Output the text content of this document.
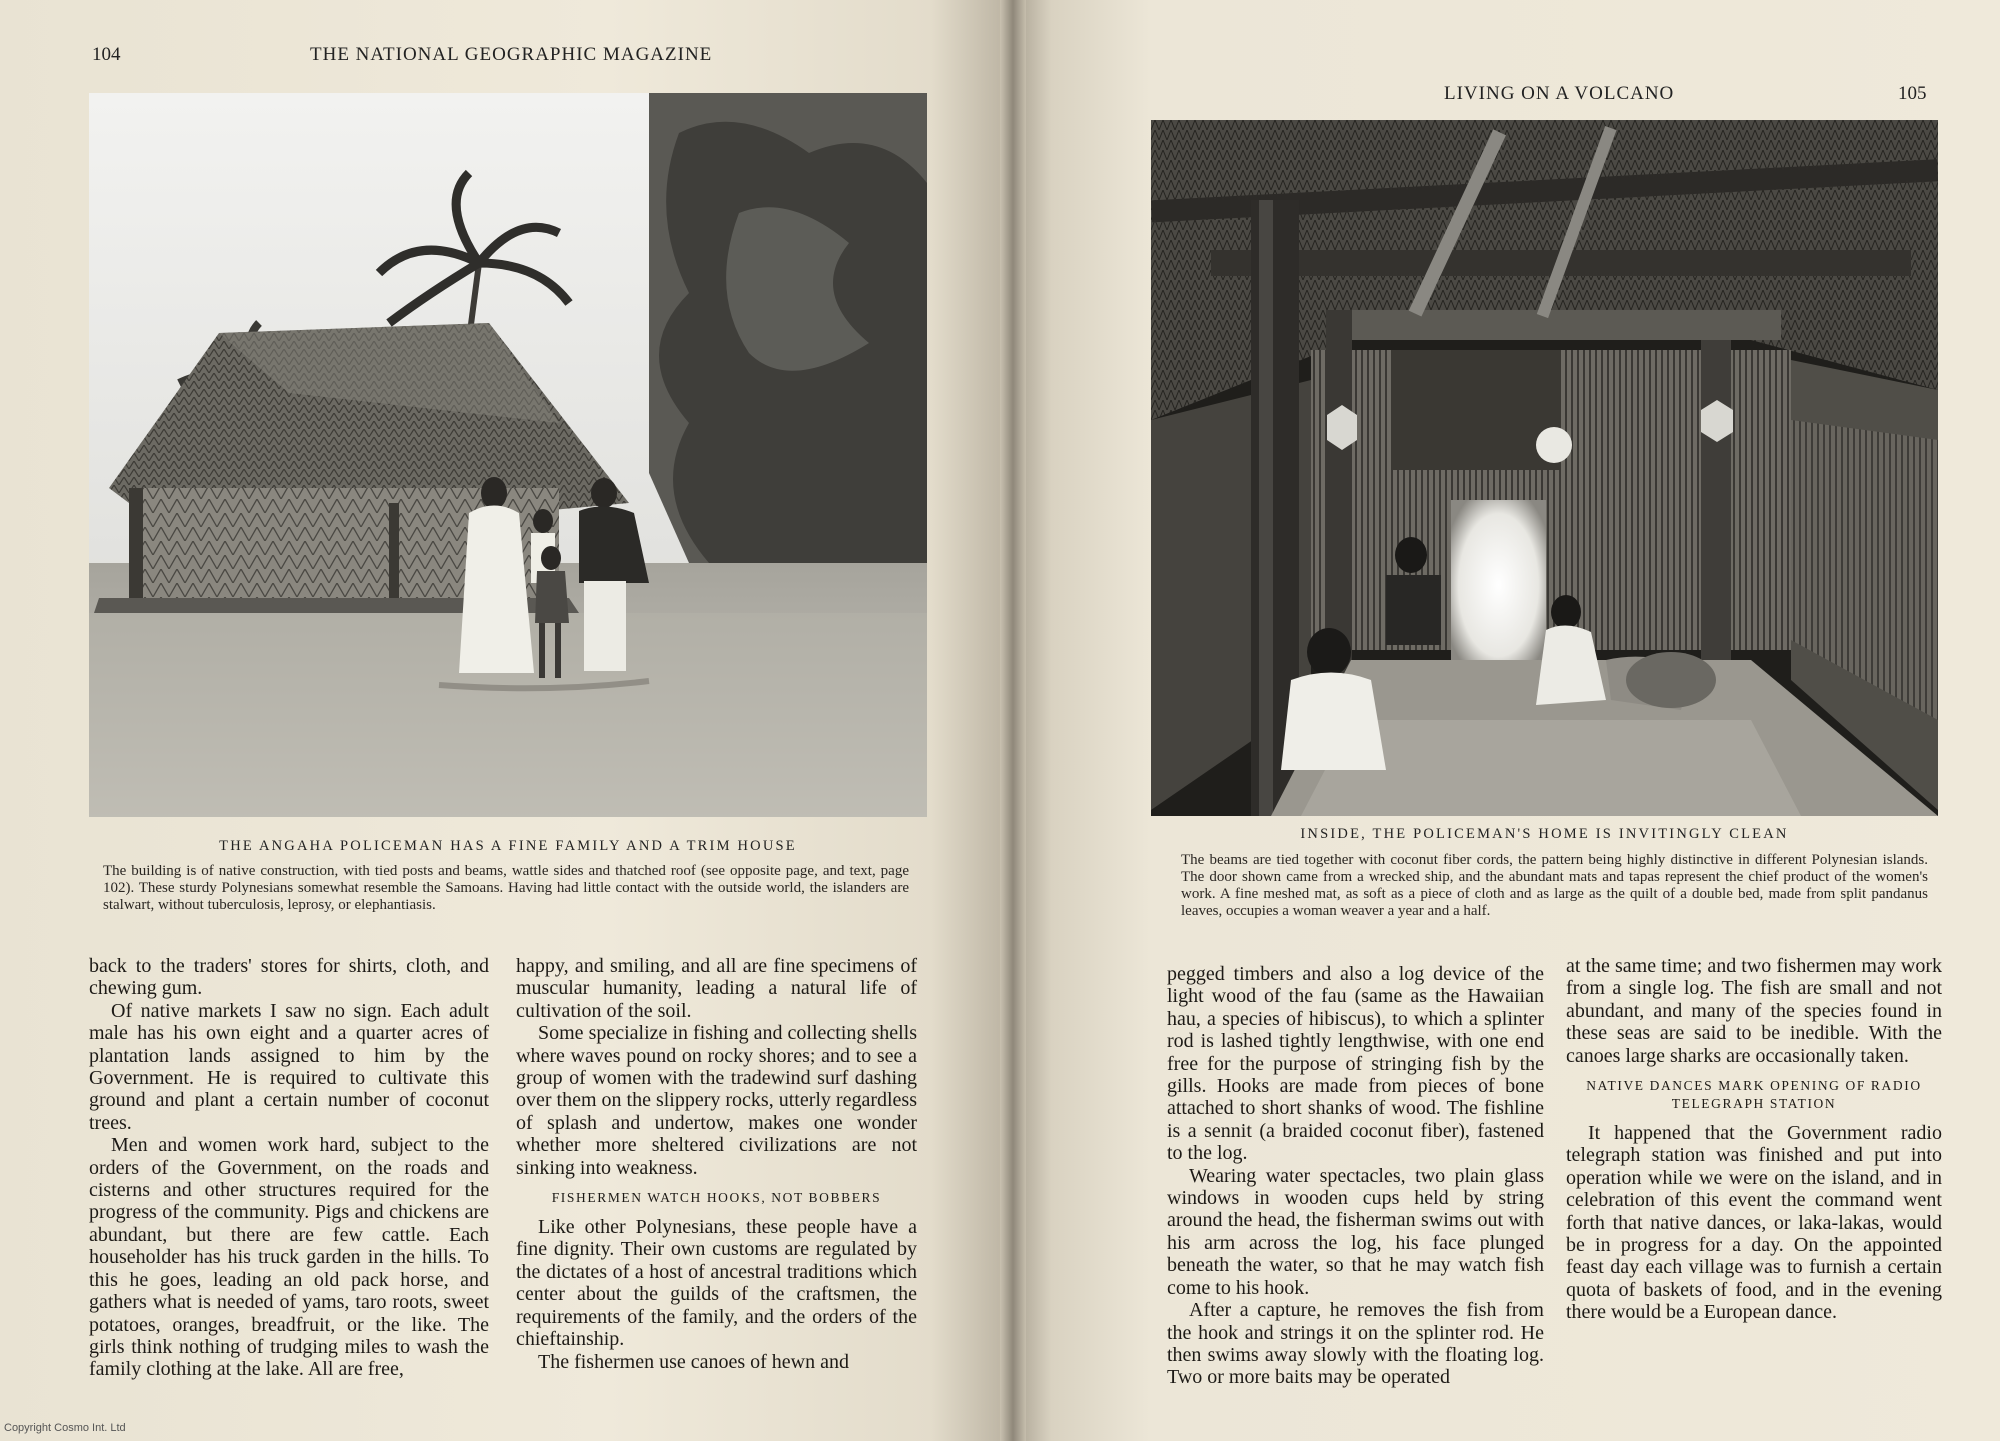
104	THE NATIONAL GEOGRAPHIC MAGAZINE
THE ANGAHA POLICEMAN HAS A FINE FAMILY AND A TRIM HOUSE
The building is of native construction, with tied posts and beams, wattle sides and thatched roof (see opposite page, and text, page 102). These sturdy Polynesians somewhat resemble the Samoans. Having had little contact with the outside world, the islanders are stalwart, without tuberculosis, leprosy, or elephantiasis.

back to the traders' stores for shirts, cloth, and chewing gum.

Of native markets I saw no sign. Each adult male has his own eight and a quarter acres of plantation lands assigned to him by the Government. He is required to cultivate this ground and plant a certain number of coconut trees.

Men and women work hard, subject to the orders of the Government, on the roads and cisterns and other structures required for the progress of the community. Pigs and chickens are abundant, but there are few cattle. Each householder has his truck garden in the hills. To this he goes, leading an old pack horse, and gathers what is needed of yams, taro roots, sweet potatoes, oranges, breadfruit, or the like. The girls think nothing of trudging miles to wash the family clothing at the lake. All are free,

happy, and smiling, and all are fine specimens of muscular humanity, leading a natural life of cultivation of the soil.

Some specialize in fishing and collecting shells where waves pound on rocky shores; and to see a group of women with the tradewind surf dashing over them on the slippery rocks, utterly regardless of splash and undertow, makes one wonder whether more sheltered civilizations are not sinking into weakness.

FISHERMEN WATCH HOOKS, NOT BOBBERS

Like other Polynesians, these people have a fine dignity. Their own customs are regulated by the dictates of a host of ancestral traditions which center about the guilds of the craftsmen, the requirements of the family, and the orders of the chieftainship.

The fishermen use canoes of hewn and

LIVING ON A VOLCANO	105
INSIDE, THE POLICEMAN'S HOME IS INVITINGLY CLEAN
The beams are tied together with coconut fiber cords, the pattern being highly distinctive in different Polynesian islands. The door shown came from a wrecked ship, and the abundant mats and tapas represent the chief product of the women's work. A fine meshed mat, as soft as a piece of cloth and as large as the quilt of a double bed, made from split pandanus leaves, occupies a woman weaver a year and a half.

pegged timbers and also a log device of the light wood of the fau (same as the Hawaiian hau, a species of hibiscus), to which a splinter rod is lashed tightly lengthwise, with one end free for the purpose of stringing fish by the gills. Hooks are made from pieces of bone attached to short shanks of wood. The fishline is a sennit (a braided coconut fiber), fastened to the log.

Wearing water spectacles, two plain glass windows in wooden cups held by string around the head, the fisherman swims out with his arm across the log, his face plunged beneath the water, so that he may watch fish come to his hook.

After a capture, he removes the fish from the hook and strings it on the splinter rod. He then swims away slowly with the floating log. Two or more baits may be operated

at the same time; and two fishermen may work from a single log. The fish are small and not abundant, and many of the species found in these seas are said to be inedible. With the canoes large sharks are occasionally taken.

NATIVE DANCES MARK OPENING OF RADIO TELEGRAPH STATION

It happened that the Government radio telegraph station was finished and put into operation while we were on the island, and in celebration of this event the command went forth that native dances, or laka-lakas, would be in progress for a day. On the appointed feast day each village was to furnish a certain quota of baskets of food, and in the evening there would be a European dance.

Copyright Cosmo Int. Ltd
